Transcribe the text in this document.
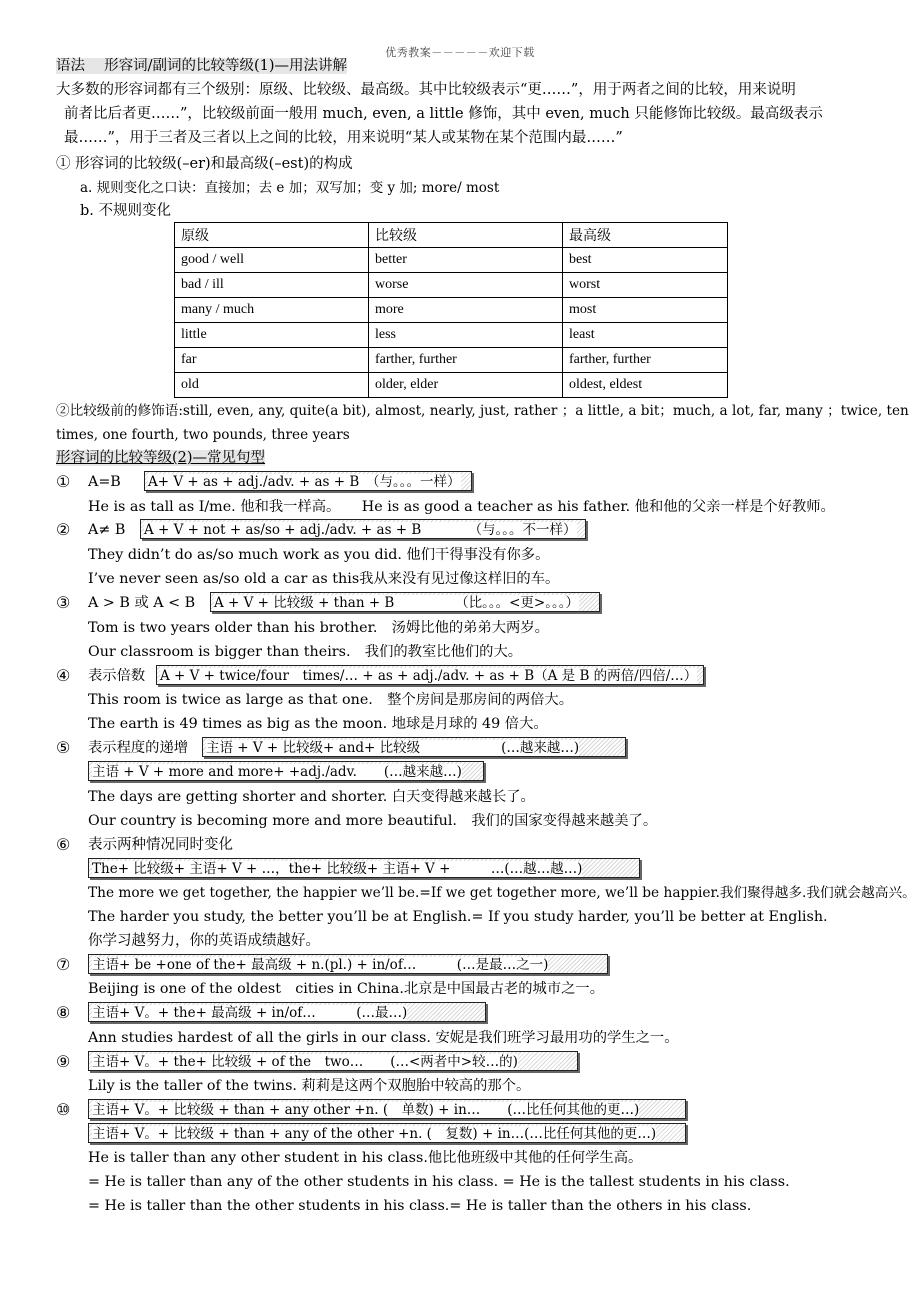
优秀教案－－－－－欢迎下载
语法　 形容词/副词的比较等级(1)—用法讲解
大多数的形容词都有三个级别：原级、比较级、最高级。其中比较级表示“更……”，用于两者之间的比较，用来说明
前者比后者更……”，比较级前面一般用 much, even, a little 修饰，其中 even, much 只能修饰比较级。最高级表示
最……”，用于三者及三者以上之间的比较，用来说明“某人或某物在某个范围内最……”
① 形容词的比较级(–er)和最高级(–est)的构成
a. 规则变化之口诀：直接加；去 e 加；双写加；变 y 加; more/ most
b. 不规则变化
原级	比较级	最高级
good / well	better	best
bad / ill	worse	worst
many / much	more	most
little	less	least
far	farther, further	farther, further
old	older, elder	oldest, eldest
②比较级前的修饰语:still, even, any, quite(a bit), almost, nearly, just, rather ；a little, a bit；much, a lot, far, many ；twice, ten
times, one fourth, two pounds, three years
形容词的比较等级(2)—常见句型
① A=B A+ V + as + adj./adv. + as + B　（与。。。一样）
He is as tall as I/me. 他和我一样高。　　He is as good a teacher as his father. 他和他的父亲一样是个好教师。
② A≠ B A + V + not + as/so + adj./adv. + as + B　　　　（与。。。不一样）
They didn’t do as/so much work as you did. 他们干得事没有你多。
I’ve never seen as/so old a car as this我从来没有见过像这样旧的车。
③ A > B 或 A < B A + V + 比较级 + than + B　　　　　（比。。。<更>。。。）
Tom is two years older than his brother.　汤姆比他的弟弟大两岁。
Our classroom is bigger than theirs.　我们的教室比他们的大。
④ 表示倍数 A + V + twice/four　times/… + as + adj./adv. + as + B（A 是 B 的两倍/四倍/…）
This room is twice as large as that one.　整个房间是那房间的两倍大。
The earth is 49 times as big as the moon. 地球是月球的 49 倍大。
⑤ 表示程度的递增 主语 + V + 比较级+ and+ 比较级　　　　　　(…越来越…)
主语 + V + more and more+ +adj./adv.　　(…越来越…)
The days are getting shorter and shorter. 白天变得越来越长了。
Our country is becoming more and more beautiful.　我们的国家变得越来越美了。
⑥ 表示两种情况同时变化
The+ 比较级+ 主语+ V + …，the+ 比较级+ 主语+ V +　　　…(…越…越…)
The more we get together, the happier we’ll be.=If we get together more, we’ll be happier.我们聚得越多.我们就会越高兴。
The harder you study, the better you’ll be at English.= If you study harder, you’ll be better at English.
你学习越努力，你的英语成绩越好。
⑦ 主语+ be +one of the+ 最高级 + n.(pl.) + in/of…　　　(…是最…之一)
Beijing is one of the oldest　cities in China.北京是中国最古老的城市之一。
⑧ 主语+ V。+ the+ 最高级 + in/of…　　　(…最…)
Ann studies hardest of all the girls in our class. 安妮是我们班学习最用功的学生之一。
⑨ 主语+ V。+ the+ 比较级 + of the　two…　　(…<两者中>较…的)
Lily is the taller of the twins. 莉莉是这两个双胞胎中较高的那个。
⑩ 主语+ V。+ 比较级 + than + any other +n. (　单数) + in…　　(…比任何其他的更…)
主语+ V。+ 比较级 + than + any of the other +n. (　复数) + in…(…比任何其他的更…)
He is taller than any other student in his class.他比他班级中其他的任何学生高。
= He is taller than any of the other students in his class. = He is the tallest students in his class.
= He is taller than the other students in his class.= He is taller than the others in his class.
